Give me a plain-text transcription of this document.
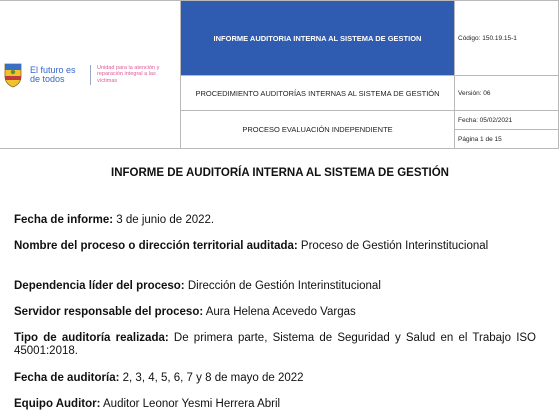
El futuro es de todos
Unidad para la atención y reparación integral a las víctimas	INFORME AUDITORIA INTERNA AL SISTEMA DE GESTION	Código: 150.19.15-1
	PROCEDIMIENTO AUDITORÍAS INTERNAS AL SISTEMA DE GESTIÓN	Versión: 06
	PROCESO EVALUACIÓN INDEPENDIENTE	Fecha: 05/02/2021
		Página 1 de 15
INFORME DE AUDITORÍA INTERNA AL SISTEMA DE GESTIÓN
Fecha de informe: 3 de junio de 2022.
Nombre del proceso o dirección territorial auditada: Proceso de Gestión Interinstitucional
Dependencia líder del proceso: Dirección de Gestión Interinstitucional
Servidor responsable del proceso: Aura Helena Acevedo Vargas
Tipo de auditoría realizada: De primera parte, Sistema de Seguridad y Salud en el Trabajo ISO 45001:2018.
Fecha de auditoría: 2, 3, 4, 5, 6, 7 y 8 de mayo de 2022
Equipo Auditor: Auditor Leonor Yesmi Herrera Abril
